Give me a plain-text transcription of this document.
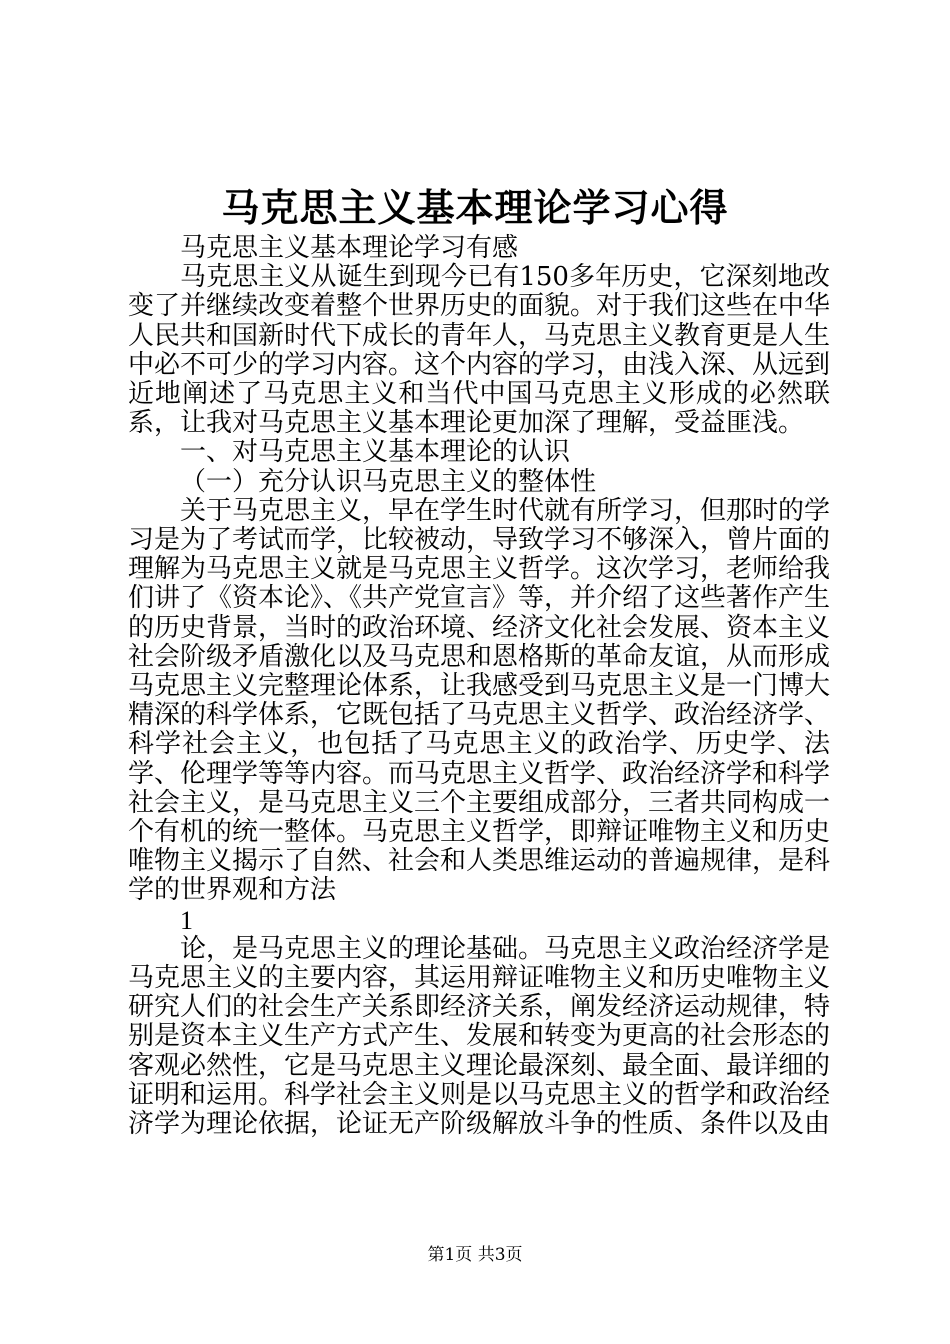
马克思主义基本理论学习心得

马克思主义基本理论学习有感

马克思主义从诞生到现今已有150多年历史，它深刻地改变了并继续改变着整个世界历史的面貌。对于我们这些在中华人民共和国新时代下成长的青年人，马克思主义教育更是人生中必不可少的学习内容。这个内容的学习，由浅入深、从远到近地阐述了马克思主义和当代中国马克思主义形成的必然联系，让我对马克思主义基本理论更加深了理解，受益匪浅。

一、对马克思主义基本理论的认识

（一）充分认识马克思主义的整体性

关于马克思主义，早在学生时代就有所学习，但那时的学习是为了考试而学，比较被动，导致学习不够深入，曾片面的理解为马克思主义就是马克思主义哲学。这次学习，老师给我们讲了《资本论》、《共产党宣言》等，并介绍了这些著作产生的历史背景，当时的政治环境、经济文化社会发展、资本主义社会阶级矛盾激化以及马克思和恩格斯的革命友谊，从而形成马克思主义完整理论体系，让我感受到马克思主义是一门博大精深的科学体系，它既包括了马克思主义哲学、政治经济学、科学社会主义，也包括了马克思主义的政治学、历史学、法学、伦理学等等内容。而马克思主义哲学、政治经济学和科学社会主义，是马克思主义三个主要组成部分，三者共同构成一个有机的统一整体。马克思主义哲学，即辩证唯物主义和历史唯物主义揭示了自然、社会和人类思维运动的普遍规律，是科学的世界观和方法

1

论，是马克思主义的理论基础。马克思主义政治经济学是马克思主义的主要内容，其运用辩证唯物主义和历史唯物主义研究人们的社会生产关系即经济关系，阐发经济运动规律，特别是资本主义生产方式产生、发展和转变为更高的社会形态的客观必然性，它是马克思主义理论最深刻、最全面、最详细的证明和运用。科学社会主义则是以马克思主义的哲学和政治经济学为理论依据，论证无产阶级解放斗争的性质、条件以及由

第1页 共3页
